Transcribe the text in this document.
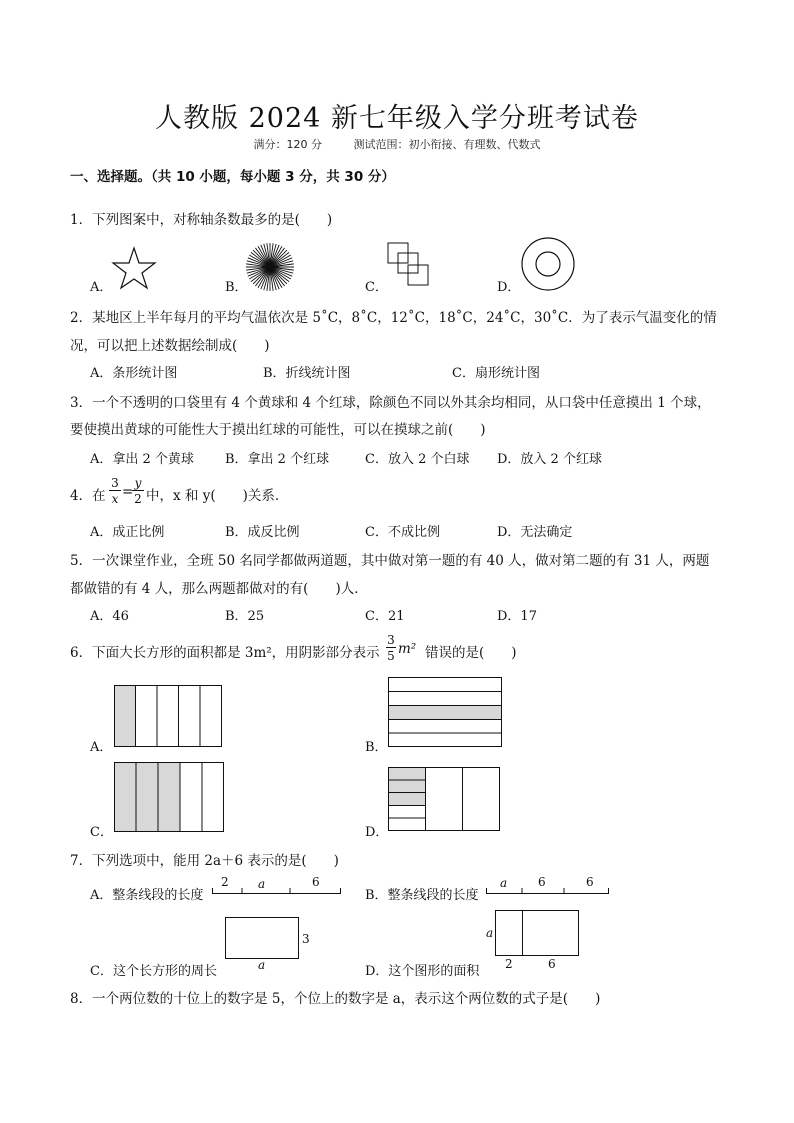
人教版 2024 新七年级入学分班考试卷
满分：120 分	测试范围：初小衔接、有理数、代数式
一、选择题。（共 10 小题，每小题 3 分，共 30 分）
1．下列图案中，对称轴条数最多的是(　　)
A．	B．	C．	D．
2．某地区上半年每月的平均气温依次是 5˚C，8˚C，12˚C，18˚C，24˚C，30˚C．为了表示气温变化的情
况，可以把上述数据绘制成(　　)
A．条形统计图	B．折线统计图	C．扇形统计图
3．一个不透明的口袋里有 4 个黄球和 4 个红球，除颜色不同以外其余均相同，从口袋中任意摸出 1 个球，
要使摸出黄球的可能性大于摸出红球的可能性，可以在摸球之前(　　)
A．拿出 2 个黄球 B．拿出 2 个红球	C．放入 2 个白球 D．放入 2 个红球
4．在
3
x =
y
2 中，x 和 y(　　)关系．
A．成正比例	B．成反比例	C．不成比例	D．无法确定
5．一次课堂作业，全班 50 名同学都做两道题，其中做对第一题的有 40 人，做对第二题的有 31 人，两题
都做错的有 4 人，那么两题都做对的有(　　)人．
A．46	B．25	C．21	D．17
6．下面大长方形的面积都是 3m²，用阴影部分表示
3
5 m² 错误的是(　　)
A．	B．
C．	D．
7．下列选项中，能用 2a＋6 表示的是(　　)
A．整条线段的长度
2 a	6
B．整条线段的长度
a	6	6
C．这个长方形的周长
3
a	D．这个图形的面积
a
2	6
8．一个两位数的十位上的数字是 5，个位上的数字是 a，表示这个两位数的式子是(　　)
